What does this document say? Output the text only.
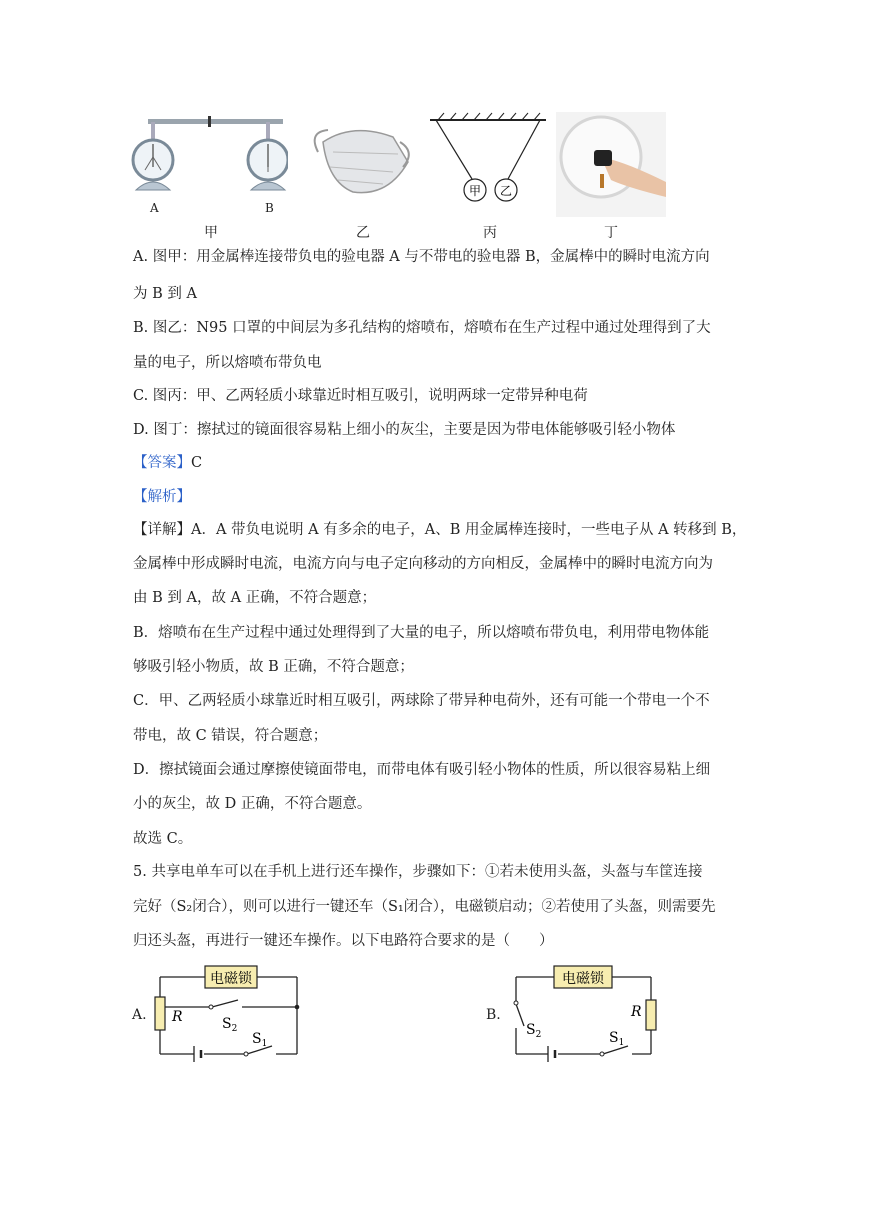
A	B
甲 乙
甲	乙	丙	丁
A. 图甲：用金属棒连接带负电的验电器 A 与不带电的验电器 B，金属棒中的瞬时电流方向
为 B 到 A
B. 图乙：N95 口罩的中间层为多孔结构的熔喷布，熔喷布在生产过程中通过处理得到了大
量的电子，所以熔喷布带负电
C. 图丙：甲、乙两轻质小球靠近时相互吸引，说明两球一定带异种电荷
D. 图丁：擦拭过的镜面很容易粘上细小的灰尘，主要是因为带电体能够吸引轻小物体
【答案】C
【解析】
【详解】A．A 带负电说明 A 有多余的电子，A、B 用金属棒连接时，一些电子从 A 转移到 B，
金属棒中形成瞬时电流，电流方向与电子定向移动的方向相反，金属棒中的瞬时电流方向为
由 B 到 A，故 A 正确，不符合题意；
B．熔喷布在生产过程中通过处理得到了大量的电子，所以熔喷布带负电，利用带电物体能
够吸引轻小物质，故 B 正确，不符合题意；
C．甲、乙两轻质小球靠近时相互吸引，两球除了带异种电荷外，还有可能一个带电一个不
带电，故 C 错误，符合题意；
D．擦拭镜面会通过摩擦使镜面带电，而带电体有吸引轻小物体的性质，所以很容易粘上细
小的灰尘，故 D 正确，不符合题意。
故选 C。
5. 共享电单车可以在手机上进行还车操作，步骤如下：①若未使用头盔，头盔与车筐连接
完好（S₂闭合），则可以进行一键还车（S₁闭合），电磁锁启动；②若使用了头盔，则需要先
归还头盔，再进行一键还车操作。以下电路符合要求的是（　　）
A.
电磁锁
R	$S_2$
$S_1$
B.
电磁锁
R
$S_2$	$S_1$
